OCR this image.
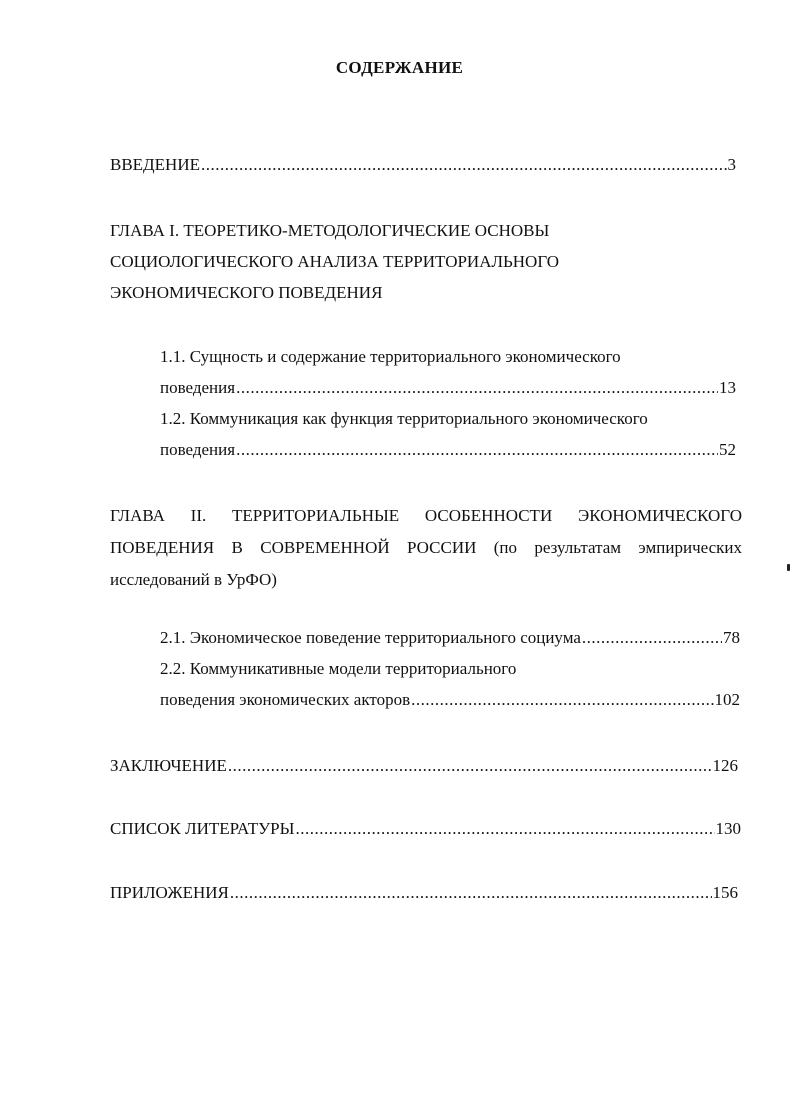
СОДЕРЖАНИЕ
ВВЕДЕНИЕ .....	3
ГЛАВА I. ТЕОРЕТИКО-МЕТОДОЛОГИЧЕСКИЕ ОСНОВЫ
СОЦИОЛОГИЧЕСКОГО АНАЛИЗА ТЕРРИТОРИАЛЬНОГО
ЭКОНОМИЧЕСКОГО ПОВЕДЕНИЯ
1.1. Сущность и содержание территориального экономического
поведения .....	13
1.2. Коммуникация как функция территориального экономического
поведения .....	52
ГЛАВА II. ТЕРРИТОРИАЛЬНЫЕ ОСОБЕННОСТИ ЭКОНОМИЧЕСКОГО
ПОВЕДЕНИЯ В СОВРЕМЕННОЙ РОССИИ (по результатам эмпирических
исследований в УрФО)
2.1. Экономическое поведение территориального социума .....	78
2.2. Коммуникативные модели территориального
поведения экономических акторов .....	102
ЗАКЛЮЧЕНИЕ .....	126
СПИСОК ЛИТЕРАТУРЫ .....	130
ПРИЛОЖЕНИЯ .....	156
